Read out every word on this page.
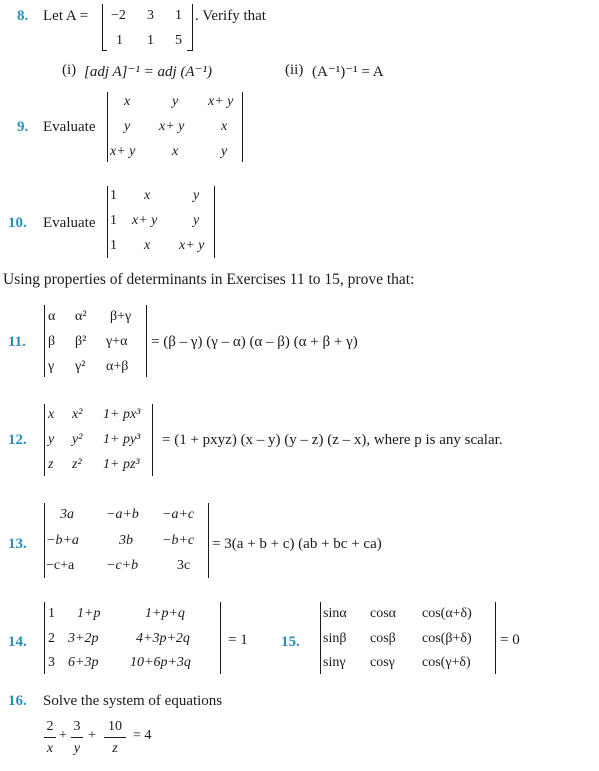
8. Let A = −2 3 1
1 1 5
. Verify that
(i) [adj A]⁻¹ = adj (A⁻¹)	(ii) (A⁻¹)⁻¹ = A
9. Evaluate
x	y x+ y
y x+ y	x
x+ y	x	y
10. Evaluate
1 x	y
1 x+ y	y
1 x x+ y
Using properties of determinants in Exercises 11 to 15, prove that:
11.
α α² β+γ
β β² γ+α
γ γ² α+β
= (β – γ) (γ – α) (α – β) (α + β + γ)
12.
x x² 1+ px³
y y² 1+ py³
z z² 1+ pz³
= (1 + pxyz) (x – y) (y – z) (z – x), where p is any scalar.
13.
3a −a+b −a+c
−b+a	3b −b+c
−c+a −c+b	3c
= 3(a + b + c) (ab + bc + ca)
14.
1 1+p	1+p+q
2 3+2p	4+3p+2q
3 6+3p 10+6p+3q
= 1 15.
sinα cosα cos(α+δ)
sinβ cosβ cos(β+δ)
sinγ cosγ cos(γ+δ)
= 0
16. Solve the system of equations
2
x
+
3
y
+
10
z
= 4
